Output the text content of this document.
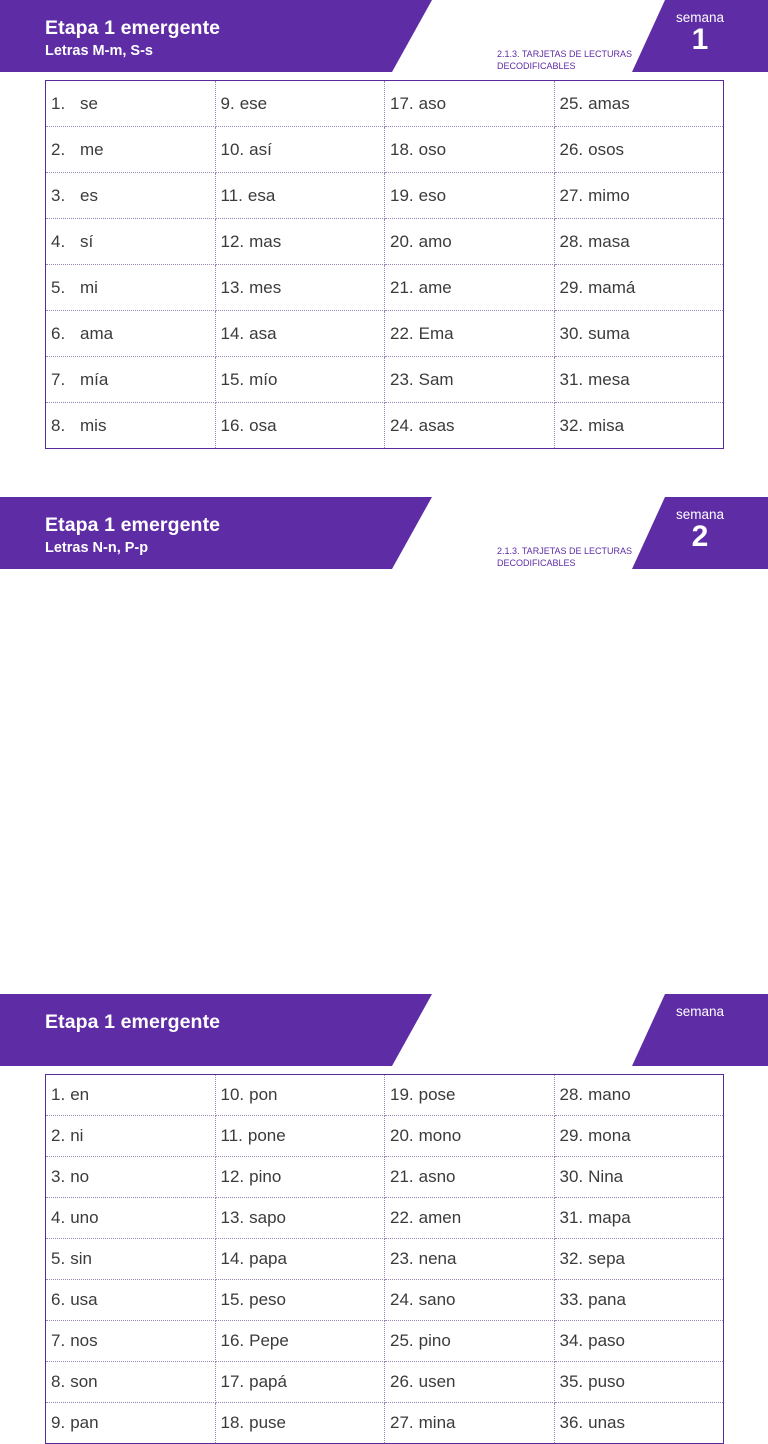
Etapa 1 emergente
Letras M-m, S-s	2.1.3. TARJETAS DE LECTURAS
DECODIFICABLES
semana
1
1. se	9. ese	17. aso	25. amas
2. me	10. así	18. oso	26. osos
3. es	11. esa	19. eso	27. mimo
4. sí	12. mas	20. amo	28. masa
5. mi	13. mes	21. ame	29. mamá
6. ama	14. asa	22. Ema	30. suma
7. mía	15. mío	23. Sam	31. mesa
8. mis	16. osa	24. asas	32. misa
Etapa 1 emergente
Letras N-n, P-p	2.1.3. TARJETAS DE LECTURAS
DECODIFICABLES
semana
2
1. en	10. pon	19. pose	28. mano
2. ni	11. pone	20. mono	29. mona
3. no	12. pino	21. asno	30. Nina
4. uno	13. sapo	22. amen	31. mapa
5. sin	14. papa	23. nena	32. sepa
6. usa	15. peso	24. sano	33. pana
7. nos	16. Pepe	25. pino	34. paso
8. son	17. papá	26. usen	35. puso
9. pan	18. puse	27. mina	36. unas
Etapa 1 emergente	semana
